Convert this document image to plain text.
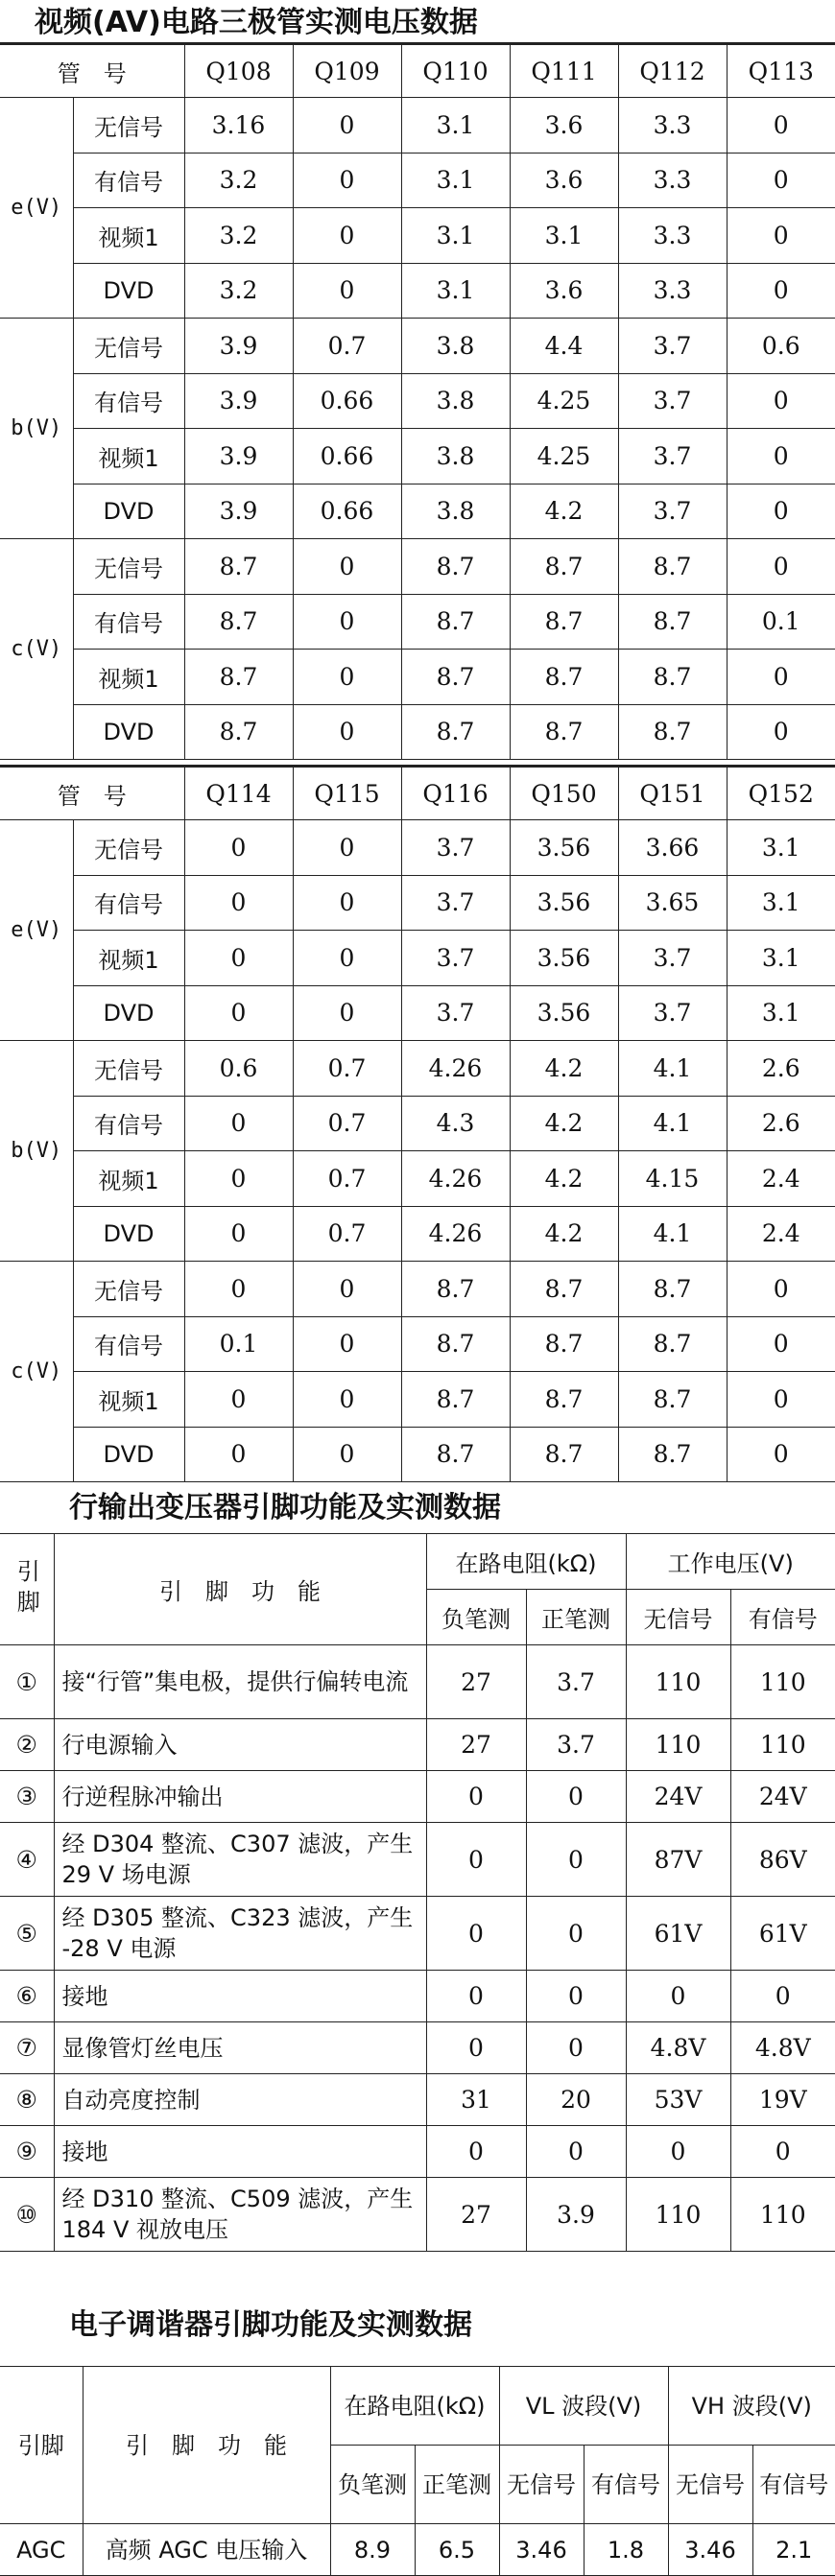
视频(AV)电路三极管实测电压数据
管　号		Q108	Q109	Q110	Q111	Q112	Q113
e(V)	无信号	3.16	0	3.1	3.6	3.3	0
	有信号	3.2	0	3.1	3.6	3.3	0
	视频1	3.2	0	3.1	3.1	3.3	0
	DVD	3.2	0	3.1	3.6	3.3	0
b(V)	无信号	3.9	0.7	3.8	4.4	3.7	0.6
	有信号	3.9	0.66	3.8	4.25	3.7	0
	视频1	3.9	0.66	3.8	4.25	3.7	0
	DVD	3.9	0.66	3.8	4.2	3.7	0
c(V)	无信号	8.7	0	8.7	8.7	8.7	0
	有信号	8.7	0	8.7	8.7	8.7	0.1
	视频1	8.7	0	8.7	8.7	8.7	0
	DVD	8.7	0	8.7	8.7	8.7	0
管　号		Q114	Q115	Q116	Q150	Q151	Q152
e(V)	无信号	0	0	3.7	3.56	3.66	3.1
	有信号	0	0	3.7	3.56	3.65	3.1
	视频1	0	0	3.7	3.56	3.7	3.1
	DVD	0	0	3.7	3.56	3.7	3.1
b(V)	无信号	0.6	0.7	4.26	4.2	4.1	2.6
	有信号	0	0.7	4.3	4.2	4.1	2.6
	视频1	0	0.7	4.26	4.2	4.15	2.4
	DVD	0	0.7	4.26	4.2	4.1	2.4
c(V)	无信号	0	0	8.7	8.7	8.7	0
	有信号	0.1	0	8.7	8.7	8.7	0
	视频1	0	0	8.7	8.7	8.7	0
	DVD	0	0	8.7	8.7	8.7	0
行输出变压器引脚功能及实测数据
引脚	引　脚　功　能	在路电阻(kΩ)		工作电压(V)	
		负笔测	正笔测	无信号	有信号
①	接“行管”集电极，提供行偏转电流	27	3.7	110	110
②	行电源输入	27	3.7	110	110
③	行逆程脉冲输出	0	0	24V	24V
④	经 D304 整流、C307 滤波，产生 29 V 场电源	0	0	87V	86V
⑤	经 D305 整流、C323 滤波，产生 -28 V 电源	0	0	61V	61V
⑥	接地	0	0	0	0
⑦	显像管灯丝电压	0	0	4.8V	4.8V
⑧	自动亮度控制	31	20	53V	19V
⑨	接地	0	0	0	0
⑩	经 D310 整流、C509 滤波，产生 184 V 视放电压	27	3.9	110	110
电子调谐器引脚功能及实测数据
引脚	引　脚　功　能	在路电阻(kΩ)		VL 波段(V)		VH 波段(V)	
		负笔测	正笔测	无信号	有信号	无信号	有信号
AGC	高频 AGC 电压输入	8.9	6.5	3.46	1.8	3.46	2.1
